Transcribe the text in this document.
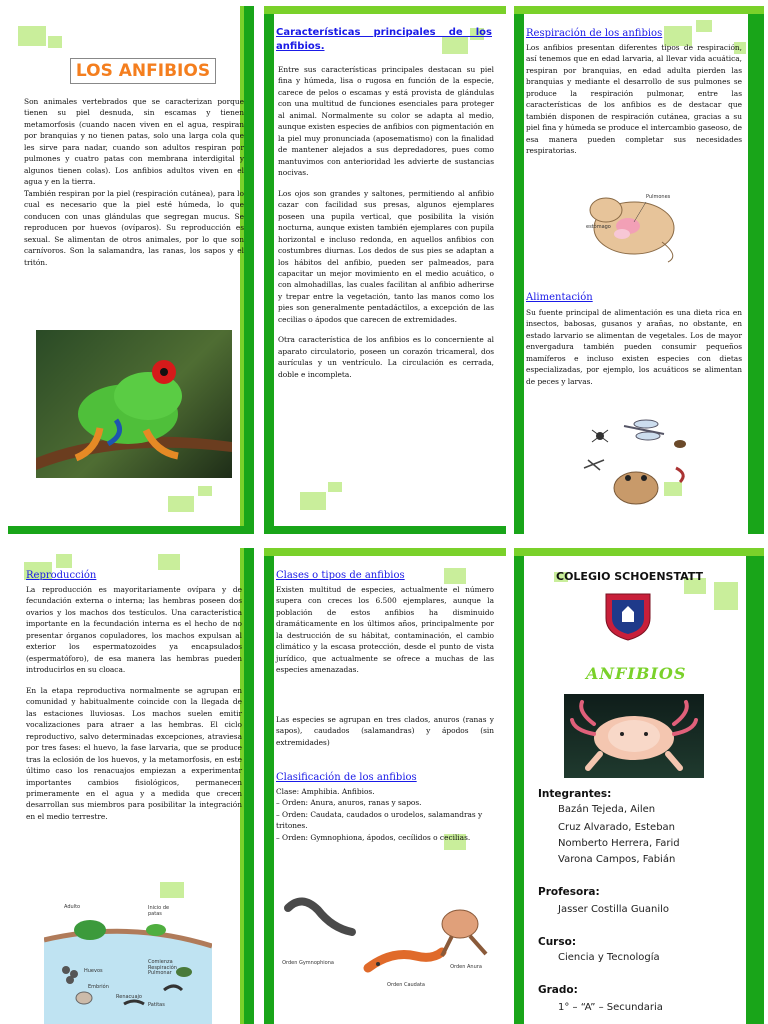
LOS ANFIBIOS

Son animales vertebrados que se caracterizan porque tienen su piel desnuda, sin escamas y tienen metamorfosis (cuando nacen viven en el agua, respiran por branquias y no tienen patas, solo una larga cola que les sirve para nadar, cuando son adultos respiran por pulmones y cuatro patas con membrana interdigital y algunos tienen colas). Los anfibios adultos viven en el agua y en la tierra.

También respiran por la piel (respiración cutánea), para lo cual es necesario que la piel esté húmeda, lo que conducen con unas glándulas que segregan mucus. Se reproducen por huevos (ovíparos). Su reproducción es sexual. Se alimentan de otros animales, por lo que son carnívoros. Son la salamandra, las ranas, los sapos y el tritón.

Características principales de los anfibios.

Entre sus características principales destacan su piel fina y húmeda, lisa o rugosa en función de la especie, carece de pelos o escamas y está provista de glándulas con una multitud de funciones esenciales para proteger al animal. Normalmente su color se adapta al medio, aunque existen especies de anfibios con pigmentación en la piel muy pronunciada (aposematismo) con la finalidad de mantener alejados a sus depredadores, pues como mantuvimos con anterioridad les advierte de sustancias nocivas.

Los ojos son grandes y saltones, permitiendo al anfibio cazar con facilidad sus presas, algunos ejemplares poseen una pupila vertical, que posibilita la visión nocturna, aunque existen también ejemplares con pupila horizontal e incluso redonda, en aquellos anfibios con costumbres diurnas. Los dedos de sus pies se adaptan a los hábitos del anfibio, pueden ser palmeados, para capacitar un mejor movimiento en el medio acuático, o con almohadillas, las cuales facilitan al anfibio adherirse y trepar entre la vegetación, tanto las manos como los pies son generalmente pentadáctilos, a excepción de las cecilias o ápodos que carecen de extremidades.

Otra característica de los anfibios es lo concerniente al aparato circulatorio, poseen un corazón tricameral, dos aurículas y un ventrículo. La circulación es cerrada, doble e incompleta.

Respiración de los anfibios
Los anfibios presentan diferentes tipos de respiración, así tenemos que en edad larvaria, al llevar vida acuática, respiran por branquias, en edad adulta pierden las branquias y mediante el desarrollo de sus pulmones se produce la respiración pulmonar, entre las características de los anfibios es de destacar que también disponen de respiración cutánea, gracias a su piel fina y húmeda se produce el intercambio gaseoso, de esa manera pueden completar sus necesidades respiratorias.
Pulmones
estómago
Alimentación
Su fuente principal de alimentación es una dieta rica en insectos, babosas, gusanos y arañas, no obstante, en estado larvario se alimentan de vegetales. Los de mayor envergadura también pueden consumir pequeños mamíferos e incluso existen especies con dietas especializadas, por ejemplo, los acuáticos se alimentan de peces y larvas.
Reproducción

La reproducción es mayoritariamente ovípara y de fecundación externa o interna; las hembras poseen dos ovarios y los machos dos testículos. Una característica importante en la fecundación interna es el hecho de no presentar órganos copuladores, los machos expulsan al exterior los espermatozoides ya encapsulados (espermatóforo), de esa manera las hembras pueden introducirlos en su cloaca.

En la etapa reproductiva normalmente se agrupan en comunidad y habitualmente coincide con la llegada de las estaciones lluviosas. Los machos suelen emitir vocalizaciones para atraer a las hembras. El ciclo reproductivo, salvo determinadas excepciones, atraviesa por tres fases: el huevo, la fase larvaria, que se produce tras la eclosión de los huevos, y la metamorfosis, en este último caso los renacuajos empiezan a experimentar importantes cambios fisiológicos, permanecen primeramente en el agua y a medida que crecen desarrollan sus miembros para posibilitar la integración en el medio terrestre.

Adulto
Huevos
Embrión
Renacuajo
Comienza Respiración Pulmonar
Patitas
Inicio de patas
Clases o tipos de anfibios
Existen multitud de especies, actualmente el número supera con creces los 6.500 ejemplares, aunque la población de estos anfibios ha disminuido dramáticamente en los últimos años, principalmente por la destrucción de su hábitat, contaminación, el cambio climático y la escasa protección, desde el punto de vista jurídico, que actualmente se ofrece a muchas de las especies amenazadas.
Las especies se agrupan en tres clados, anuros (ranas y sapos), caudados (salamandras) y ápodos (sin extremidades)
Clasificación de los anfibios
Clase: Amphibia. Anfibios.
– Orden: Anura, anuros, ranas y sapos.
– Orden: Caudata, caudados o urodelos, salamandras y tritones.
– Orden: Gymnophiona, ápodos, cecílidos o cecilias.
Orden Gymnophiona
Orden Caudata
Orden Anura
COLEGIO SCHOENSTATT
ANFIBIOS
Integrantes:
Bazán Tejeda, Ailen
Cruz Alvarado, Esteban
Nomberto Herrera, Farid
Varona Campos, Fabián
Profesora:
Jasser Costilla Guanilo
Curso:
Ciencia y Tecnología
Grado:
1° – “A” – Secundaria
